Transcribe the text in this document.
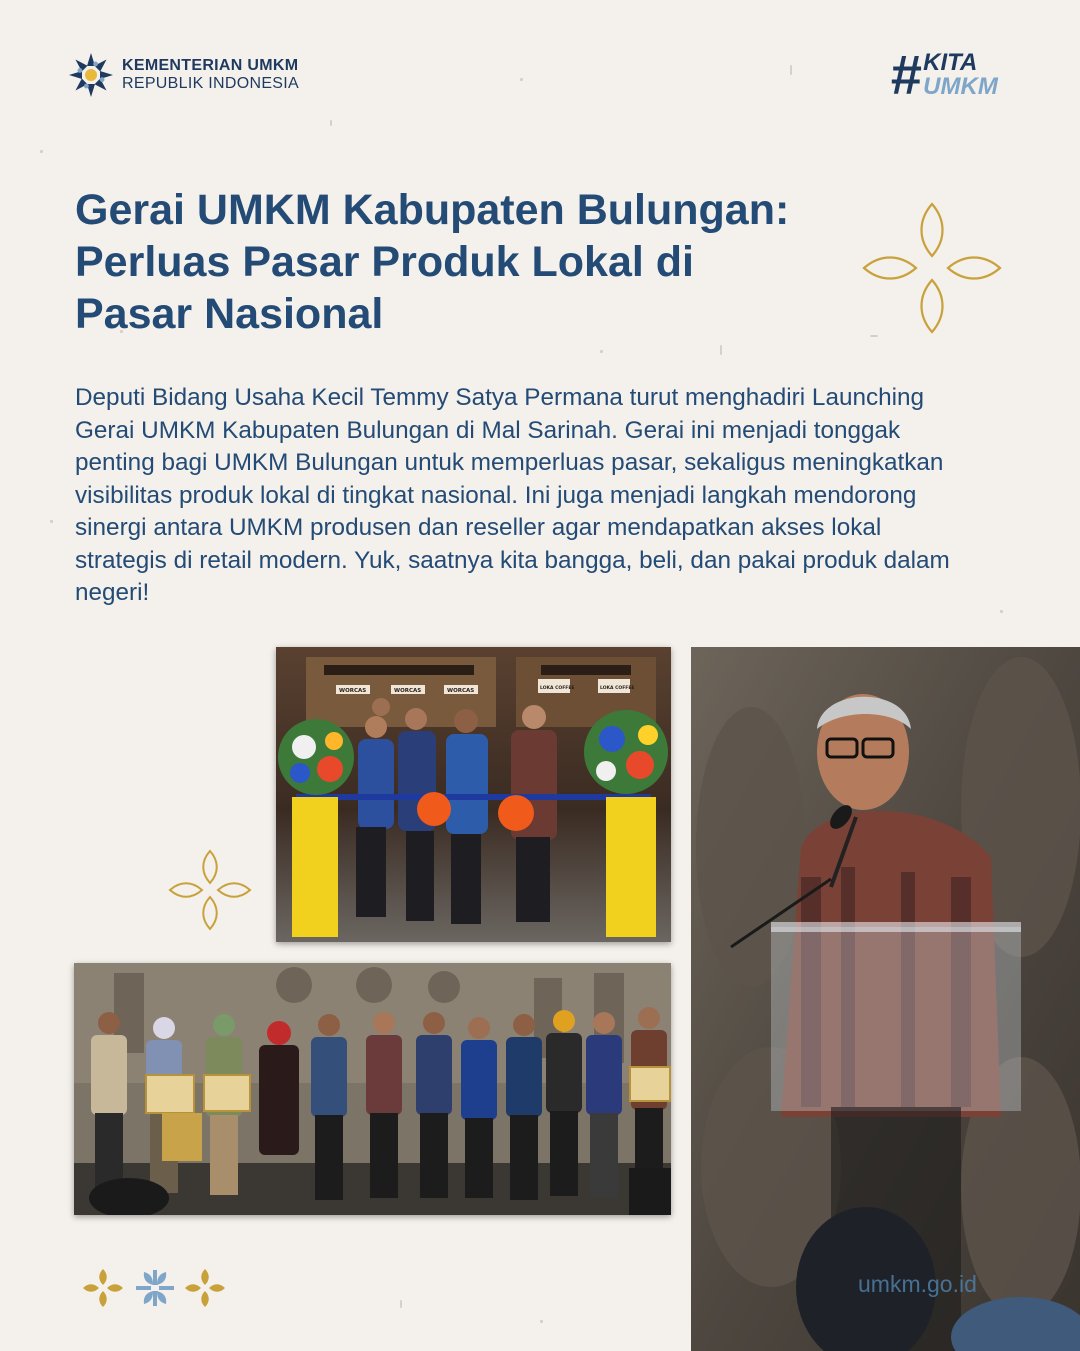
KEMENTERIAN UMKM
REPUBLIK INDONESIA	# KITA
UMKM
Gerai UMKM Kabupaten Bulungan:
Perluas Pasar Produk Lokal di
Pasar Nasional

Deputi Bidang Usaha Kecil Temmy Satya Permana turut menghadiri Launching Gerai UMKM Kabupaten Bulungan di Mal Sarinah. Gerai ini menjadi tonggak penting bagi UMKM Bulungan untuk memperluas pasar, sekaligus meningkatkan visibilitas produk lokal di tingkat nasional. Ini juga menjadi langkah mendorong sinergi antara UMKM produsen dan reseller agar mendapatkan akses lokal strategis di retail modern. Yuk, saatnya kita bangga, beli, dan pakai produk dalam negeri!

WORCAS	WORCAS	WORCAS	LOKA COFFEE	LOKA COFFEE
umkm.go.id
